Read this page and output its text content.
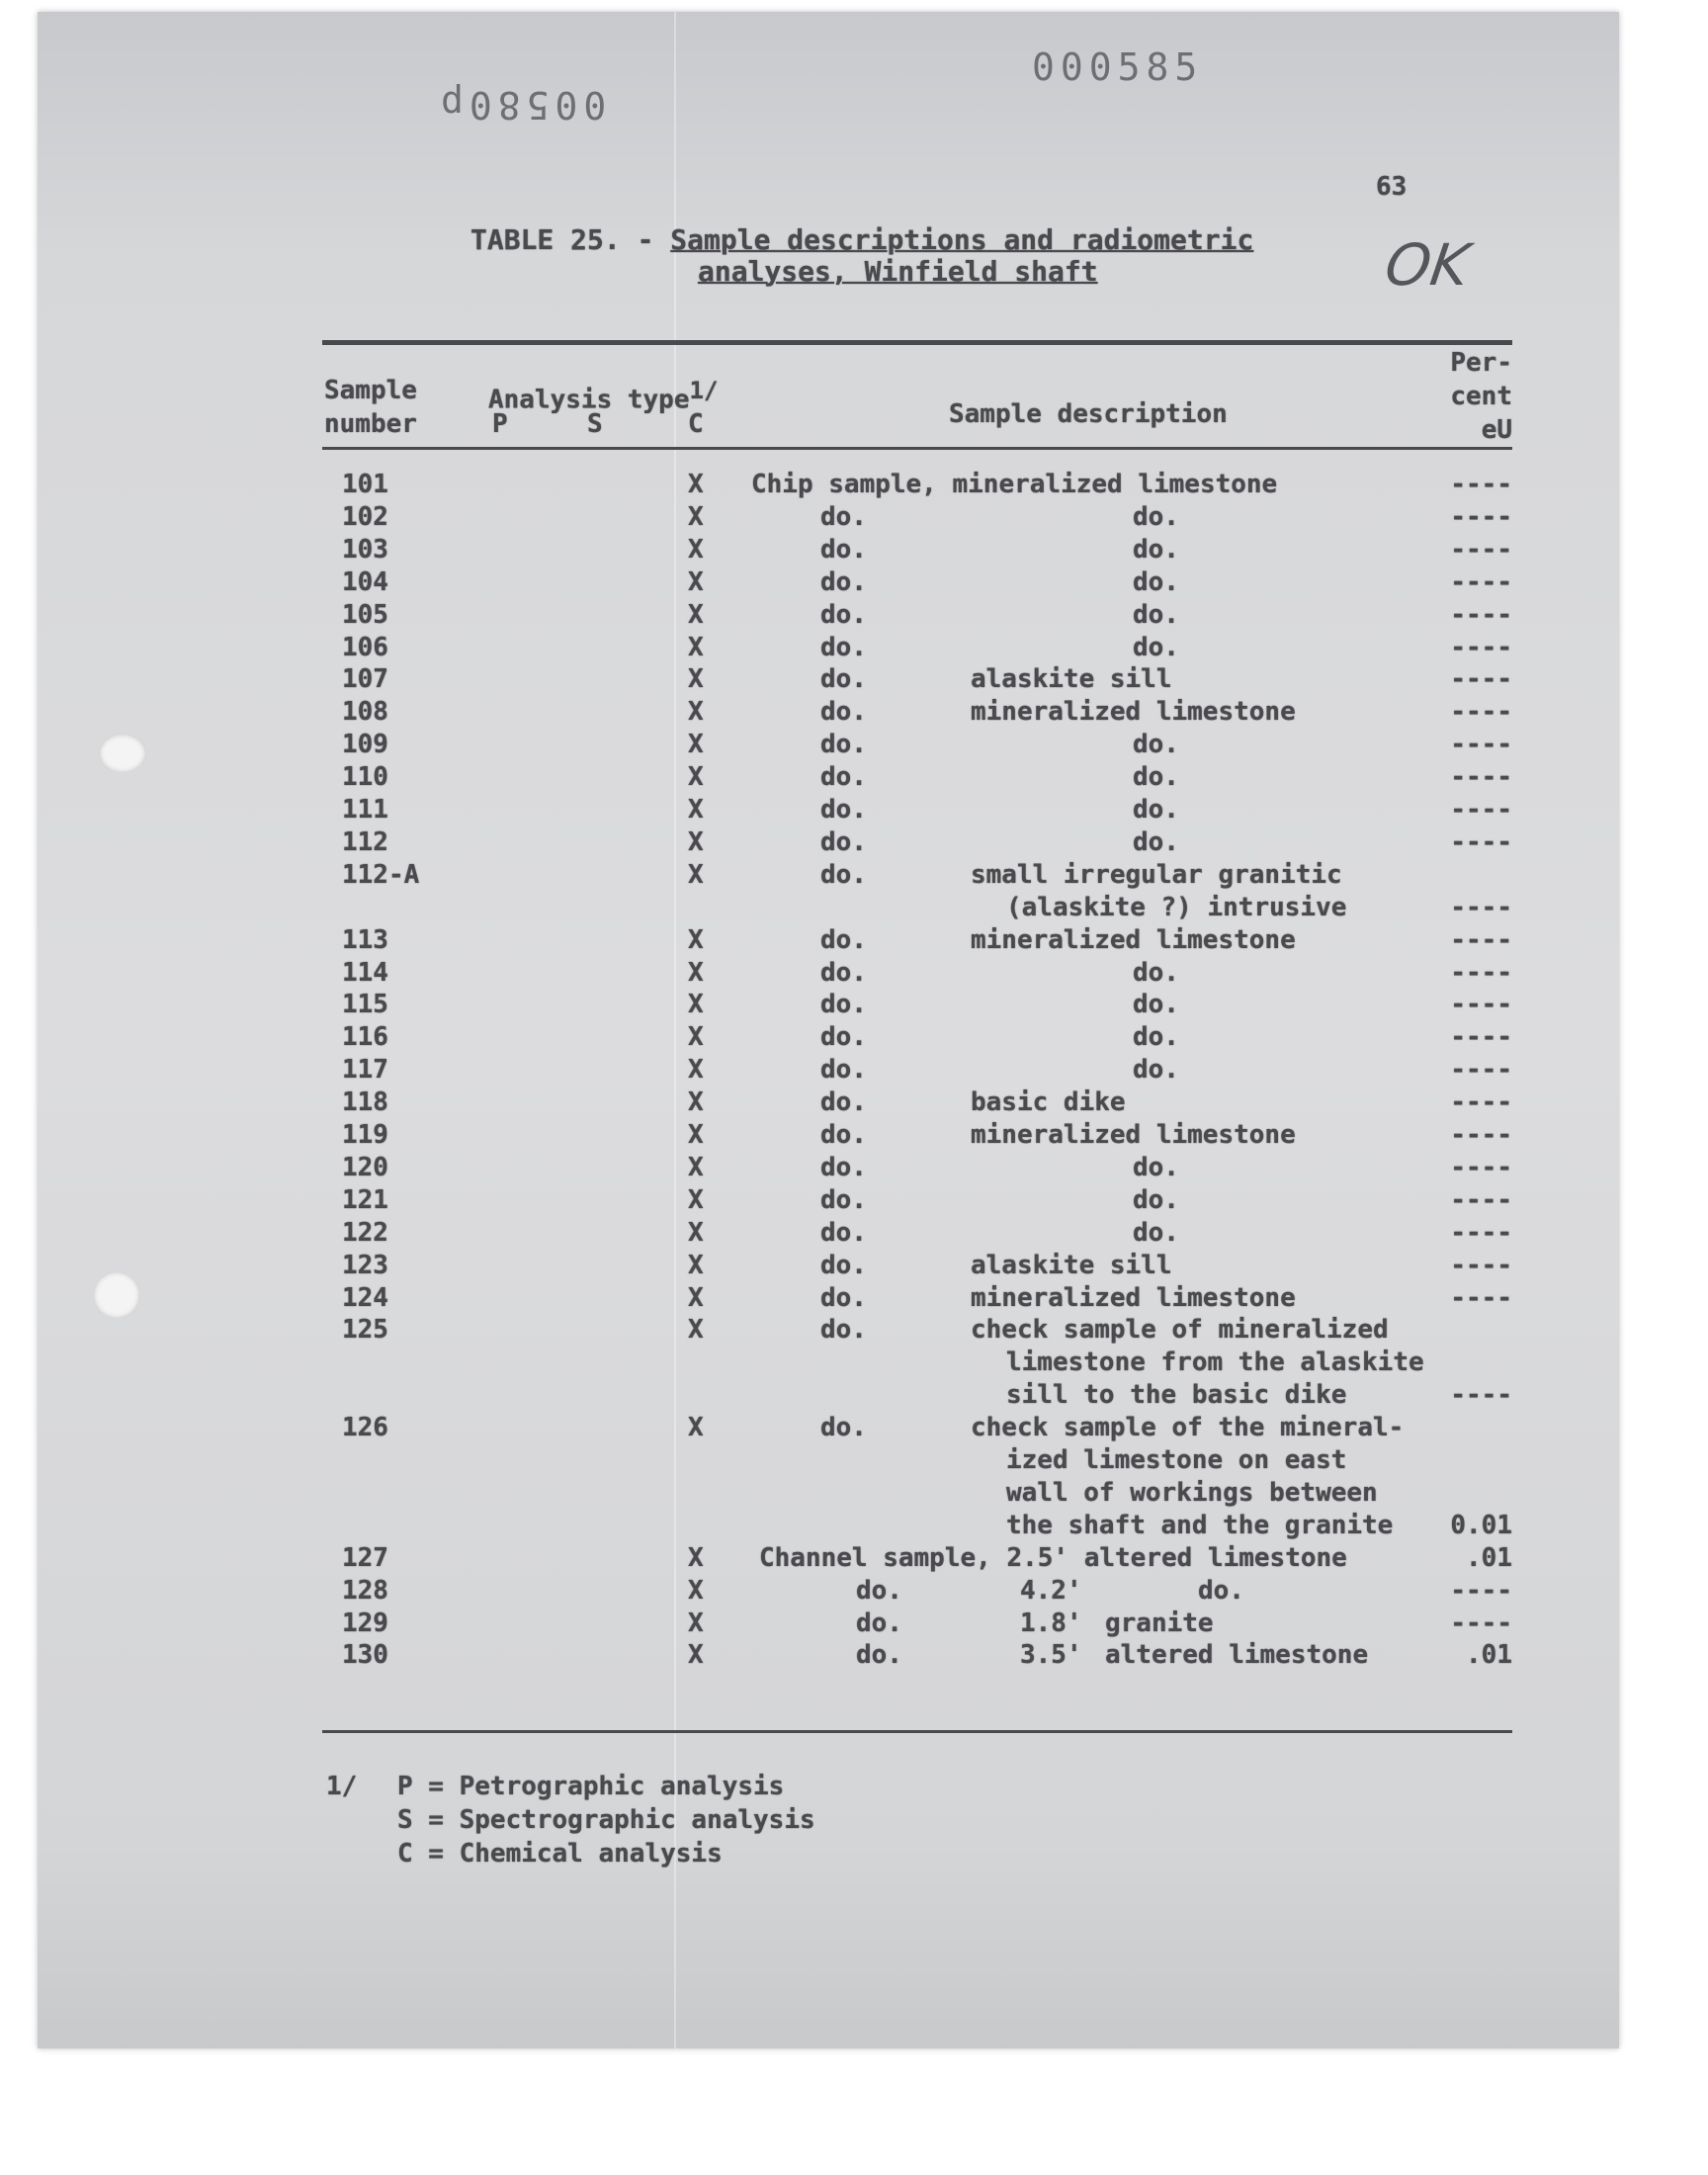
00580p
000585
63
OK
TABLE 25. - Sample descriptions and radiometric
analyses, Winfield shaft
Sample
number
Analysis type$^{1/}$
P	S	C	Sample description
Per-
cent
eU
101	X Chip sample, mineralized limestone	----
102	X	do.	do.	----
103	X	do.	do.	----
104	X	do.	do.	----
105	X	do.	do.	----
106	X	do.	do.	----
107	X	do.	alaskite sill	----
108	X	do.	mineralized limestone	----
109	X	do.	do.	----
110	X	do.	do.	----
111	X	do.	do.	----
112	X	do.	do.	----
112-A	X	do.	small irregular granitic
(alaskite ?) intrusive	----
113	X	do.	mineralized limestone	----
114	X	do.	do.	----
115	X	do.	do.	----
116	X	do.	do.	----
117	X	do.	do.	----
118	X	do.	basic dike	----
119	X	do.	mineralized limestone	----
120	X	do.	do.	----
121	X	do.	do.	----
122	X	do.	do.	----
123	X	do.	alaskite sill	----
124	X	do.	mineralized limestone	----
125	X	do.	check sample of mineralized
limestone from the alaskite
sill to the basic dike	----
126	X	do.	check sample of the mineral-
ized limestone on east
wall of workings between
the shaft and the granite 0.01
127	X Channel sample, 2.5' altered limestone	.01
128	X	do.	4.2'	do.	----
129	X	do.	1.8' granite	----
130	X	do.	3.5' altered limestone	.01
1/ P = Petrographic analysis
S = Spectrographic analysis
C = Chemical analysis
